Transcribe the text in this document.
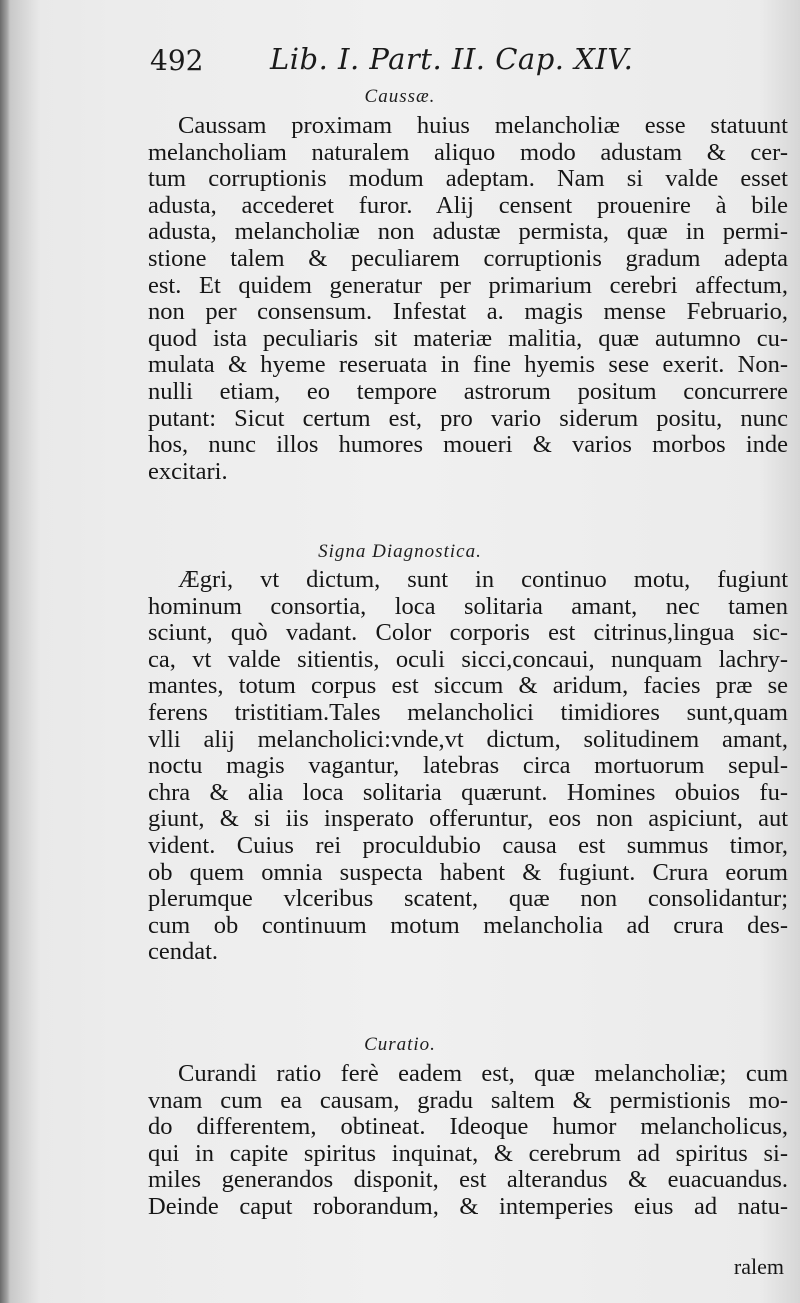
492 Lib. I. Part. II. Cap. XIV.
Caussæ.
Caussam proximam huius melancholiæ esse statuunt
melancholiam naturalem aliquo modo adustam & cer-
tum corruptionis modum adeptam. Nam si valde esset
adusta, accederet furor. Alij censent prouenire à bile
adusta, melancholiæ non adustæ permista, quæ in permi-
stione talem & peculiarem corruptionis gradum adepta
est. Et quidem generatur per primarium cerebri affectum,
non per consensum. Infestat a. magis mense Februario,
quod ista peculiaris sit materiæ malitia, quæ autumno cu-
mulata & hyeme reseruata in fine hyemis sese exerit. Non-
nulli etiam, eo tempore astrorum positum concurrere
putant: Sicut certum est, pro vario siderum positu, nunc
hos, nunc illos humores moueri & varios morbos inde
excitari.
Signa Diagnostica.
Ægri, vt dictum, sunt in continuo motu, fugiunt
hominum consortia, loca solitaria amant, nec tamen
sciunt, quò vadant. Color corporis est citrinus,lingua sic-
ca, vt valde sitientis, oculi sicci,concaui, nunquam lachry-
mantes, totum corpus est siccum & aridum, facies præ se
ferens tristitiam.Tales melancholici timidiores sunt,quam
vlli alij melancholici:vnde,vt dictum, solitudinem amant,
noctu magis vagantur, latebras circa mortuorum sepul-
chra & alia loca solitaria quærunt. Homines obuios fu-
giunt, & si iis insperato offeruntur, eos non aspiciunt, aut
vident. Cuius rei proculdubio causa est summus timor,
ob quem omnia suspecta habent & fugiunt. Crura eorum
plerumque vlceribus scatent, quæ non consolidantur;
cum ob continuum motum melancholia ad crura des-
cendat.
Curatio.
Curandi ratio ferè eadem est, quæ melancholiæ; cum
vnam cum ea causam, gradu saltem & permistionis mo-
do differentem, obtineat. Ideoque humor melancholicus,
qui in capite spiritus inquinat, & cerebrum ad spiritus si-
miles generandos disponit, est alterandus & euacuandus.
Deinde caput roborandum, & intemperies eius ad natu-
ralem
